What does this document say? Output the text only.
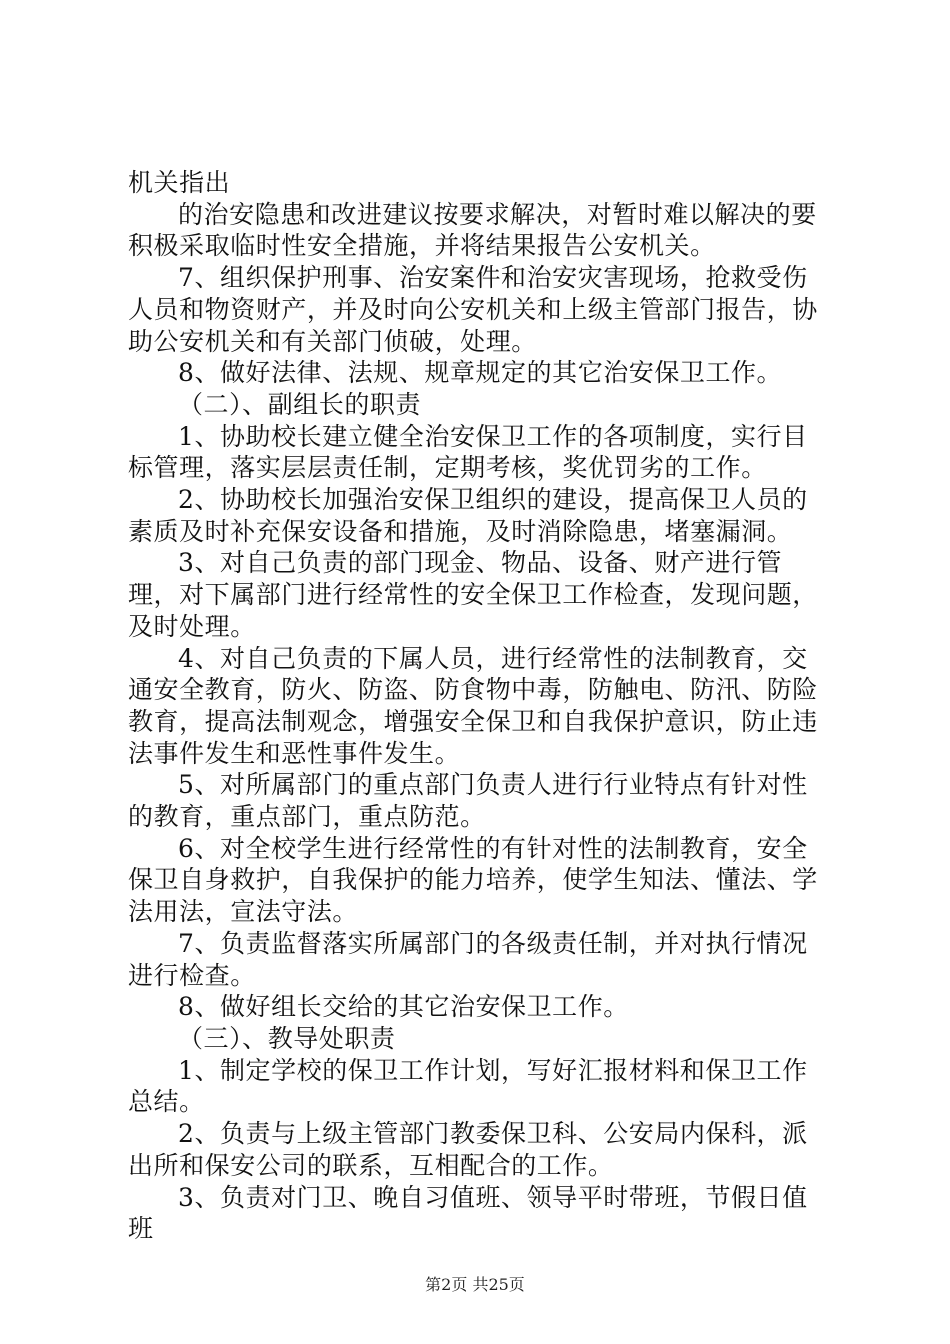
机关指出

的治安隐患和改进建议按要求解决，对暂时难以解决的要积极采取临时性安全措施，并将结果报告公安机关。

7、组织保护刑事、治安案件和治安灾害现场，抢救受伤人员和物资财产，并及时向公安机关和上级主管部门报告，协助公安机关和有关部门侦破，处理。

8、做好法律、法规、规章规定的其它治安保卫工作。

（二）、副组长的职责

1、协助校长建立健全治安保卫工作的各项制度，实行目标管理，落实层层责任制，定期考核，奖优罚劣的工作。

2、协助校长加强治安保卫组织的建设，提高保卫人员的素质及时补充保安设备和措施，及时消除隐患，堵塞漏洞。

3、对自己负责的部门现金、物品、设备、财产进行管理，对下属部门进行经常性的安全保卫工作检查，发现问题，及时处理。

4、对自己负责的下属人员，进行经常性的法制教育，交通安全教育，防火、防盗、防食物中毒，防触电、防汛、防险教育，提高法制观念，增强安全保卫和自我保护意识，防止违法事件发生和恶性事件发生。

5、对所属部门的重点部门负责人进行行业特点有针对性的教育，重点部门，重点防范。

6、对全校学生进行经常性的有针对性的法制教育，安全保卫自身救护，自我保护的能力培养，使学生知法、懂法、学法用法，宣法守法。

7、负责监督落实所属部门的各级责任制，并对执行情况进行检查。

8、做好组长交给的其它治安保卫工作。

（三）、教导处职责

1、制定学校的保卫工作计划，写好汇报材料和保卫工作总结。

2、负责与上级主管部门教委保卫科、公安局内保科，派出所和保安公司的联系，互相配合的工作。

3、负责对门卫、晚自习值班、领导平时带班，节假日值班

第2页 共25页
